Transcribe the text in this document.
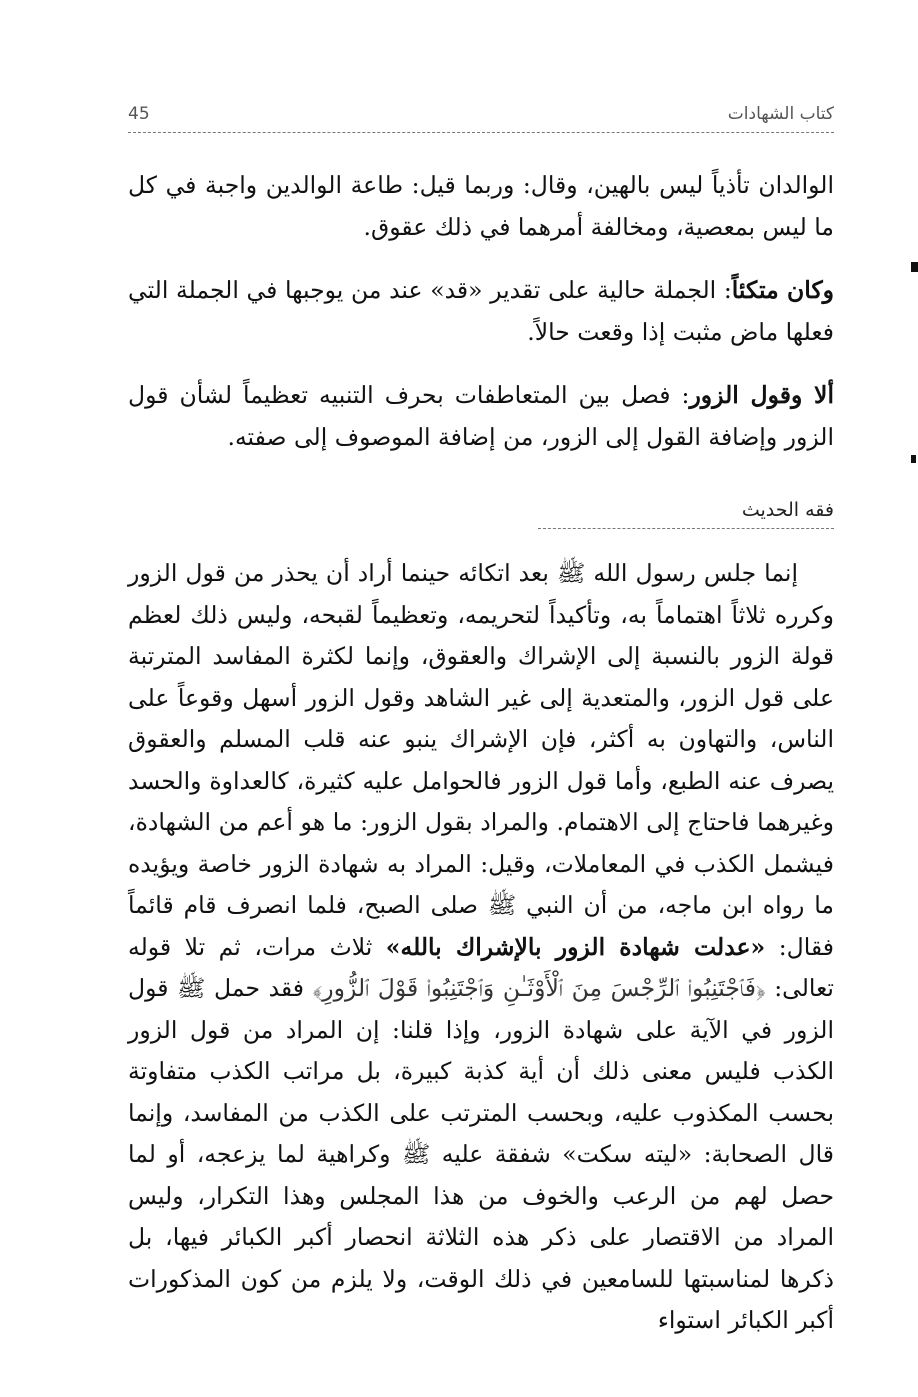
45	كتاب الشهادات

الوالدان تأذياً ليس بالهين، وقال: وربما قيل: طاعة الوالدين واجبة في كل ما ليس بمعصية، ومخالفة أمرهما في ذلك عقوق.

وكان متكئاً: الجملة حالية على تقدير «قد» عند من يوجبها في الجملة التي فعلها ماض مثبت إذا وقعت حالاً.

ألا وقول الزور: فصل بين المتعاطفات بحرف التنبيه تعظيماً لشأن قول الزور وإضافة القول إلى الزور، من إضافة الموصوف إلى صفته.

فقه الحديث

إنما جلس رسول الله ﷺ بعد اتكائه حينما أراد أن يحذر من قول الزور وكرره ثلاثاً اهتماماً به، وتأكيداً لتحريمه، وتعظيماً لقبحه، وليس ذلك لعظم قولة الزور بالنسبة إلى الإشراك والعقوق، وإنما لكثرة المفاسد المترتبة على قول الزور، والمتعدية إلى غير الشاهد وقول الزور أسهل وقوعاً على الناس، والتهاون به أكثر، فإن الإشراك ينبو عنه قلب المسلم والعقوق يصرف عنه الطبع، وأما قول الزور فالحوامل عليه كثيرة، كالعداوة والحسد وغيرهما فاحتاج إلى الاهتمام. والمراد بقول الزور: ما هو أعم من الشهادة، فيشمل الكذب في المعاملات، وقيل: المراد به شهادة الزور خاصة ويؤيده ما رواه ابن ماجه، من أن النبي ﷺ صلى الصبح، فلما انصرف قام قائماً فقال: «عدلت شهادة الزور بالإشراك بالله» ثلاث مرات، ثم تلا قوله تعالى: ﴿فَٱجْتَنِبُوا۟ ٱلرِّجْسَ مِنَ ٱلْأَوْثَـٰنِ وَٱجْتَنِبُوا۟ قَوْلَ ٱلزُّورِ﴾ فقد حمل ﷺ قول الزور في الآية على شهادة الزور، وإذا قلنا: إن المراد من قول الزور الكذب فليس معنى ذلك أن أية كذبة كبيرة، بل مراتب الكذب متفاوتة بحسب المكذوب عليه، وبحسب المترتب على الكذب من المفاسد، وإنما قال الصحابة: «ليته سكت» شفقة عليه ﷺ وكراهية لما يزعجه، أو لما حصل لهم من الرعب والخوف من هذا المجلس وهذا التكرار، وليس المراد من الاقتصار على ذكر هذه الثلاثة انحصار أكبر الكبائر فيها، بل ذكرها لمناسبتها للسامعين في ذلك الوقت، ولا يلزم من كون المذكورات أكبر الكبائر استواء
